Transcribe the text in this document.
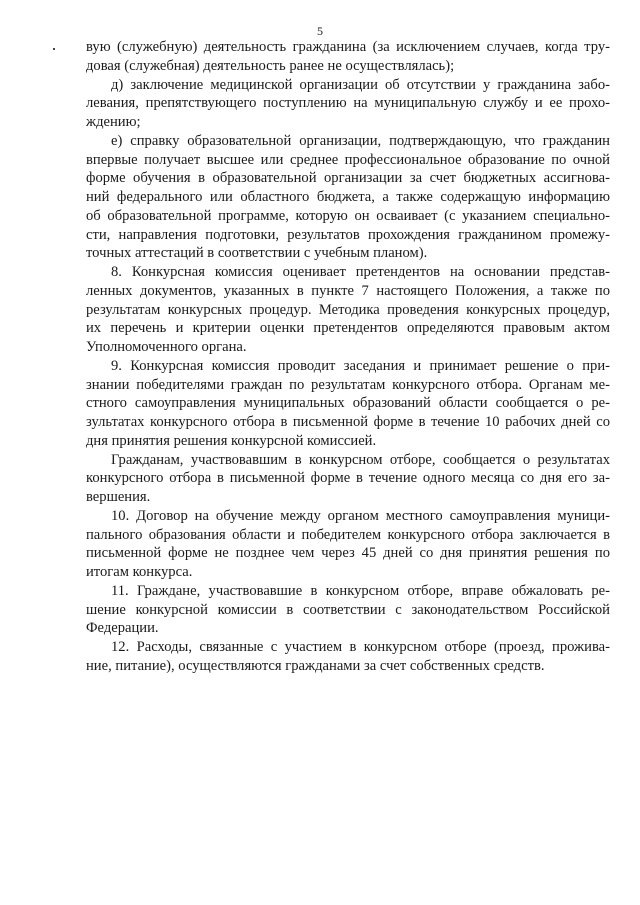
5
вую (служебную) деятельность гражданина (за исключением случаев, когда тру-
довая (служебная) деятельность ранее не осуществлялась);
д) заключение медицинской организации об отсутствии у гражданина забо-
левания, препятствующего поступлению на муниципальную службу и ее прохо-
ждению;
е) справку образовательной организации, подтверждающую, что гражданин
впервые получает высшее или среднее профессиональное образование по очной
форме обучения в образовательной организации за счет бюджетных ассигнова-
ний федерального или областного бюджета, а также содержащую информацию
об образовательной программе, которую он осваивает (с указанием специально-
сти, направления подготовки, результатов прохождения гражданином промежу-
точных аттестаций в соответствии с учебным планом).
8. Конкурсная комиссия оценивает претендентов на основании представ-
ленных документов, указанных в пункте 7 настоящего Положения, а также по
результатам конкурсных процедур. Методика проведения конкурсных процедур,
их перечень и критерии оценки претендентов определяются правовым актом
Уполномоченного органа.
9. Конкурсная комиссия проводит заседания и принимает решение о при-
знании победителями граждан по результатам конкурсного отбора. Органам ме-
стного самоуправления муниципальных образований области сообщается о ре-
зультатах конкурсного отбора в письменной форме в течение 10 рабочих дней со
дня принятия решения конкурсной комиссией.
Гражданам, участвовавшим в конкурсном отборе, сообщается о результатах
конкурсного отбора в письменной форме в течение одного месяца со дня его за-
вершения.
10. Договор на обучение между органом местного самоуправления муници-
пального образования области и победителем конкурсного отбора заключается в
письменной форме не позднее чем через 45 дней со дня принятия решения по
итогам конкурса.
11. Граждане, участвовавшие в конкурсном отборе, вправе обжаловать ре-
шение конкурсной комиссии в соответствии с законодательством Российской
Федерации.
12. Расходы, связанные с участием в конкурсном отборе (проезд, прожива-
ние, питание), осуществляются гражданами за счет собственных средств.
